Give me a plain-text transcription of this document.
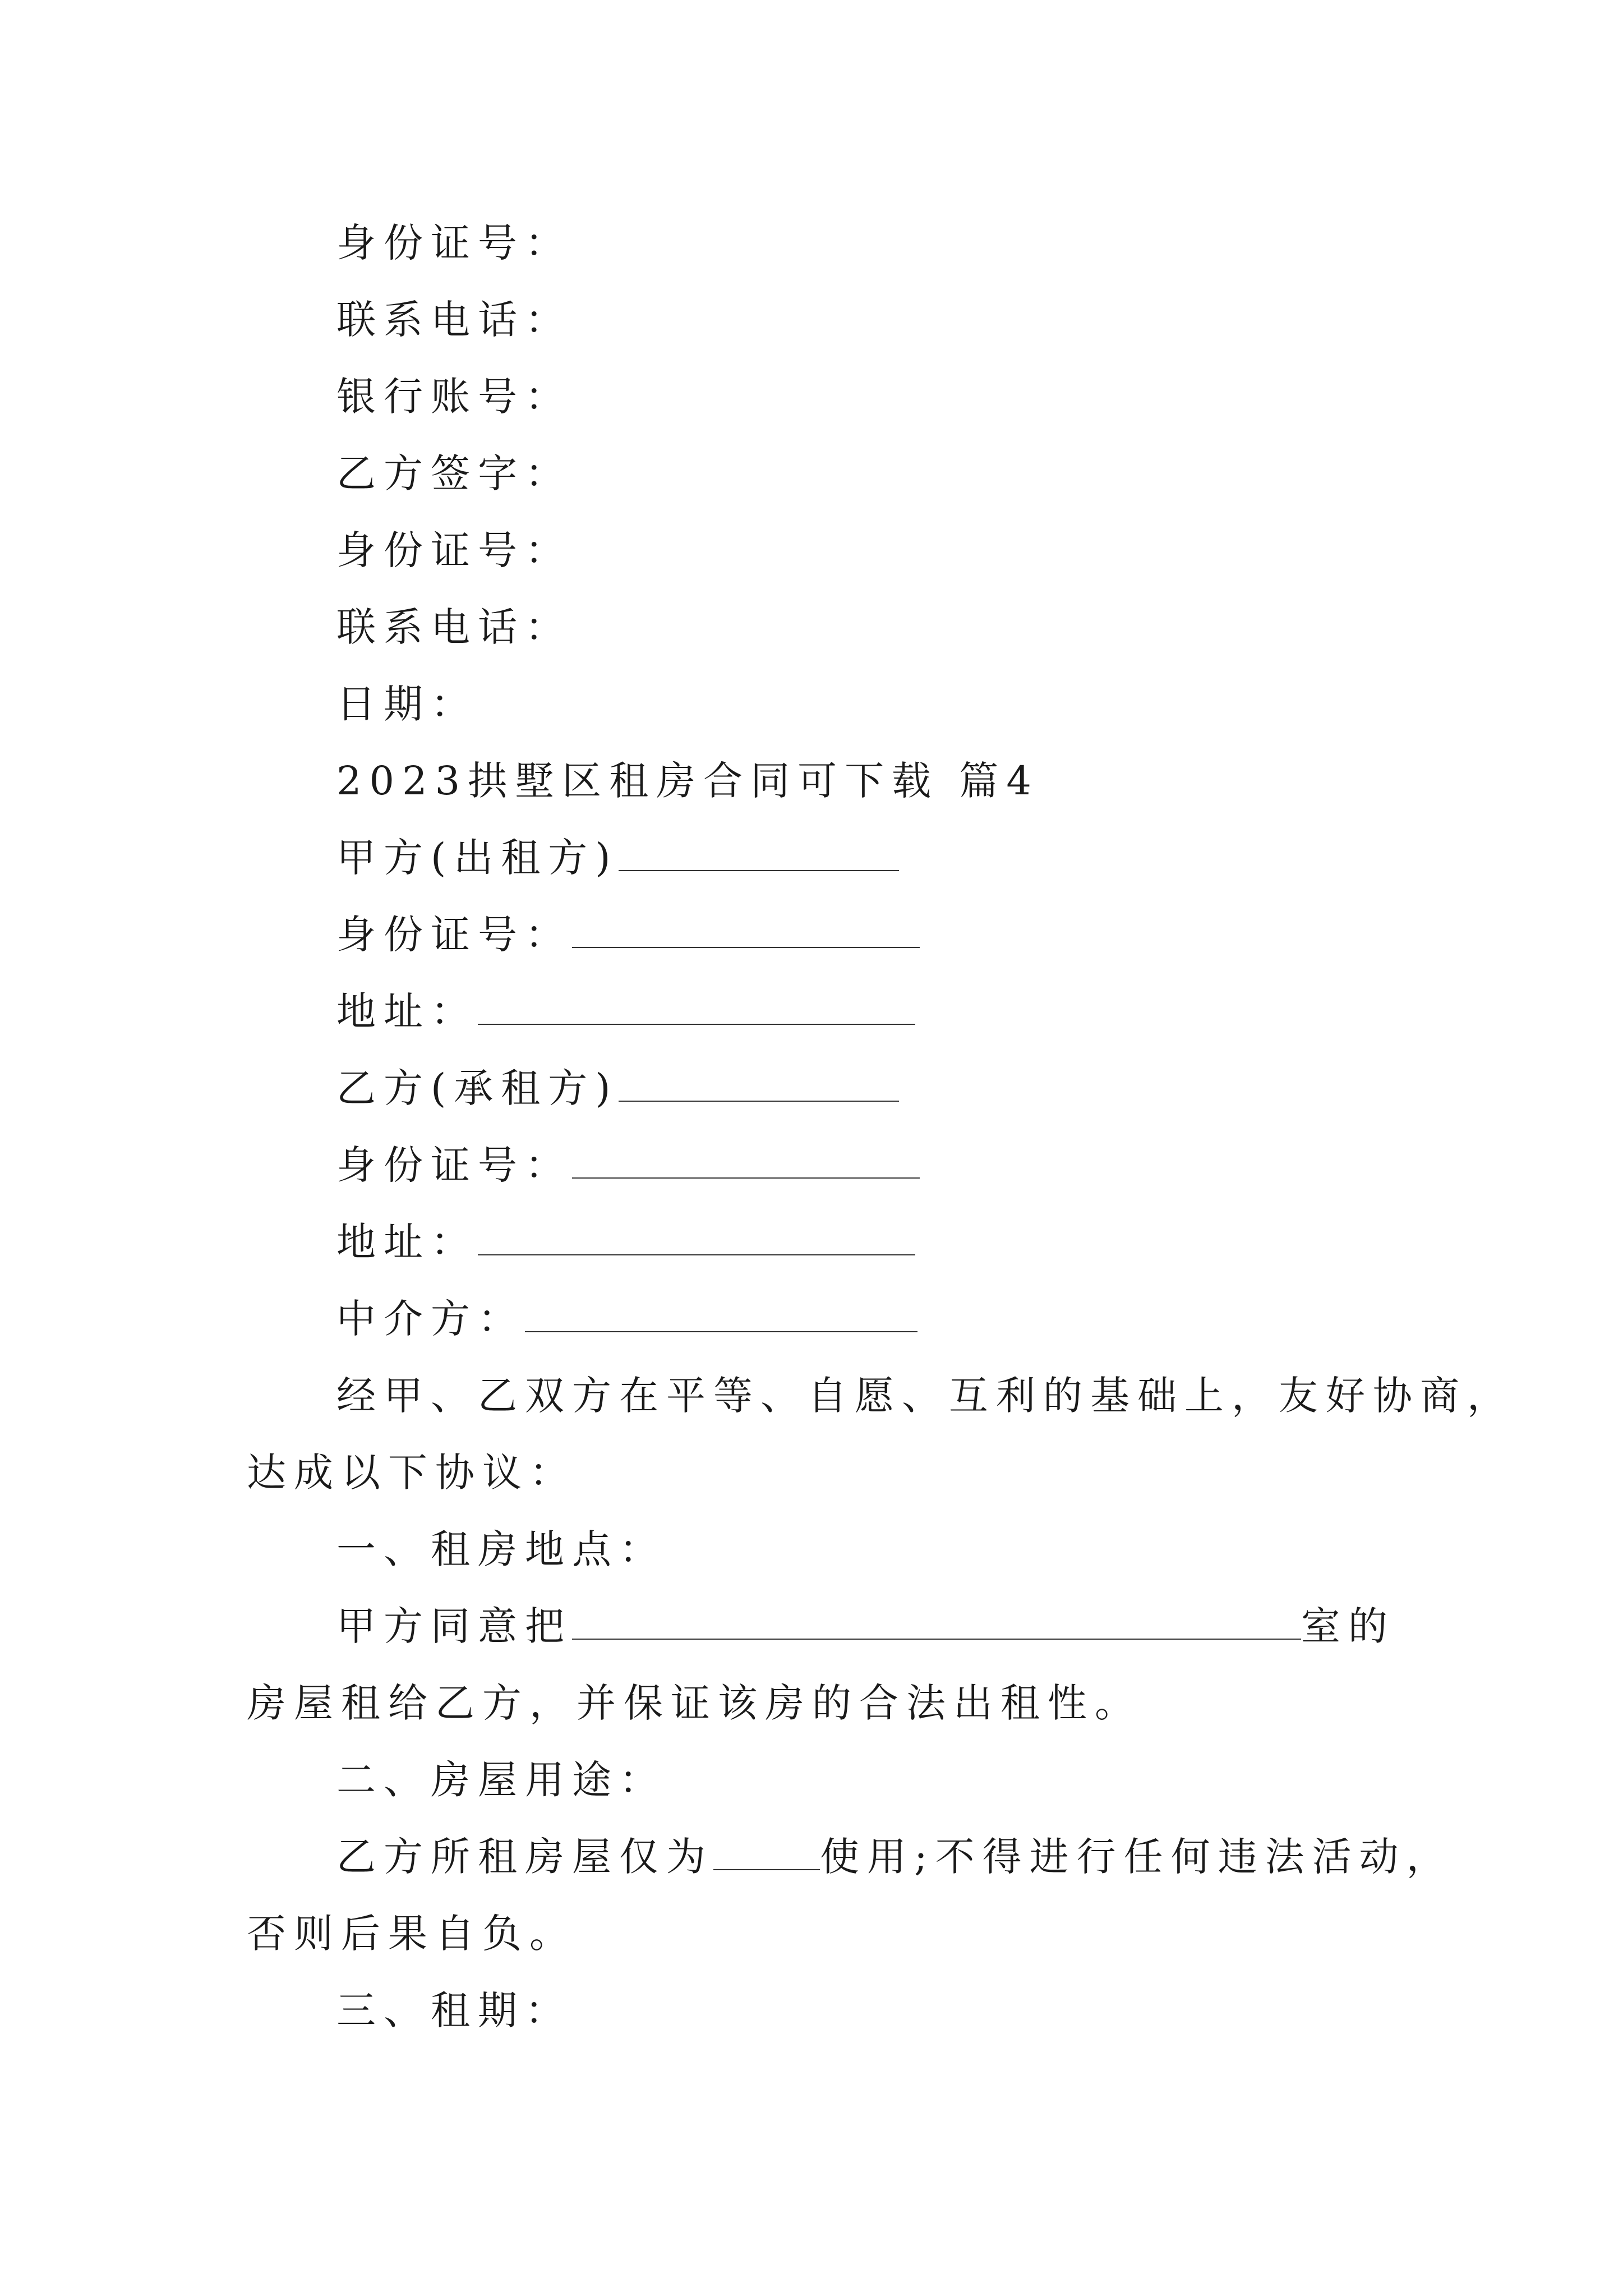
身份证号：
联系电话：
银行账号：
乙方签字：
身份证号：
联系电话：
日期：
2023拱墅区租房合同可下载 篇4
甲方(出租方)
身份证号：
地址：
乙方(承租方)
身份证号：
地址：
中介方：
经甲、乙双方在平等、自愿、互利的基础上，友好协商，
达成以下协议：
一、租房地点：
甲方同意把	室的
房屋租给乙方，并保证该房的合法出租性。
二、房屋用途：
乙方所租房屋仅为	使用;不得进行任何违法活动，
否则后果自负。
三、租期：
